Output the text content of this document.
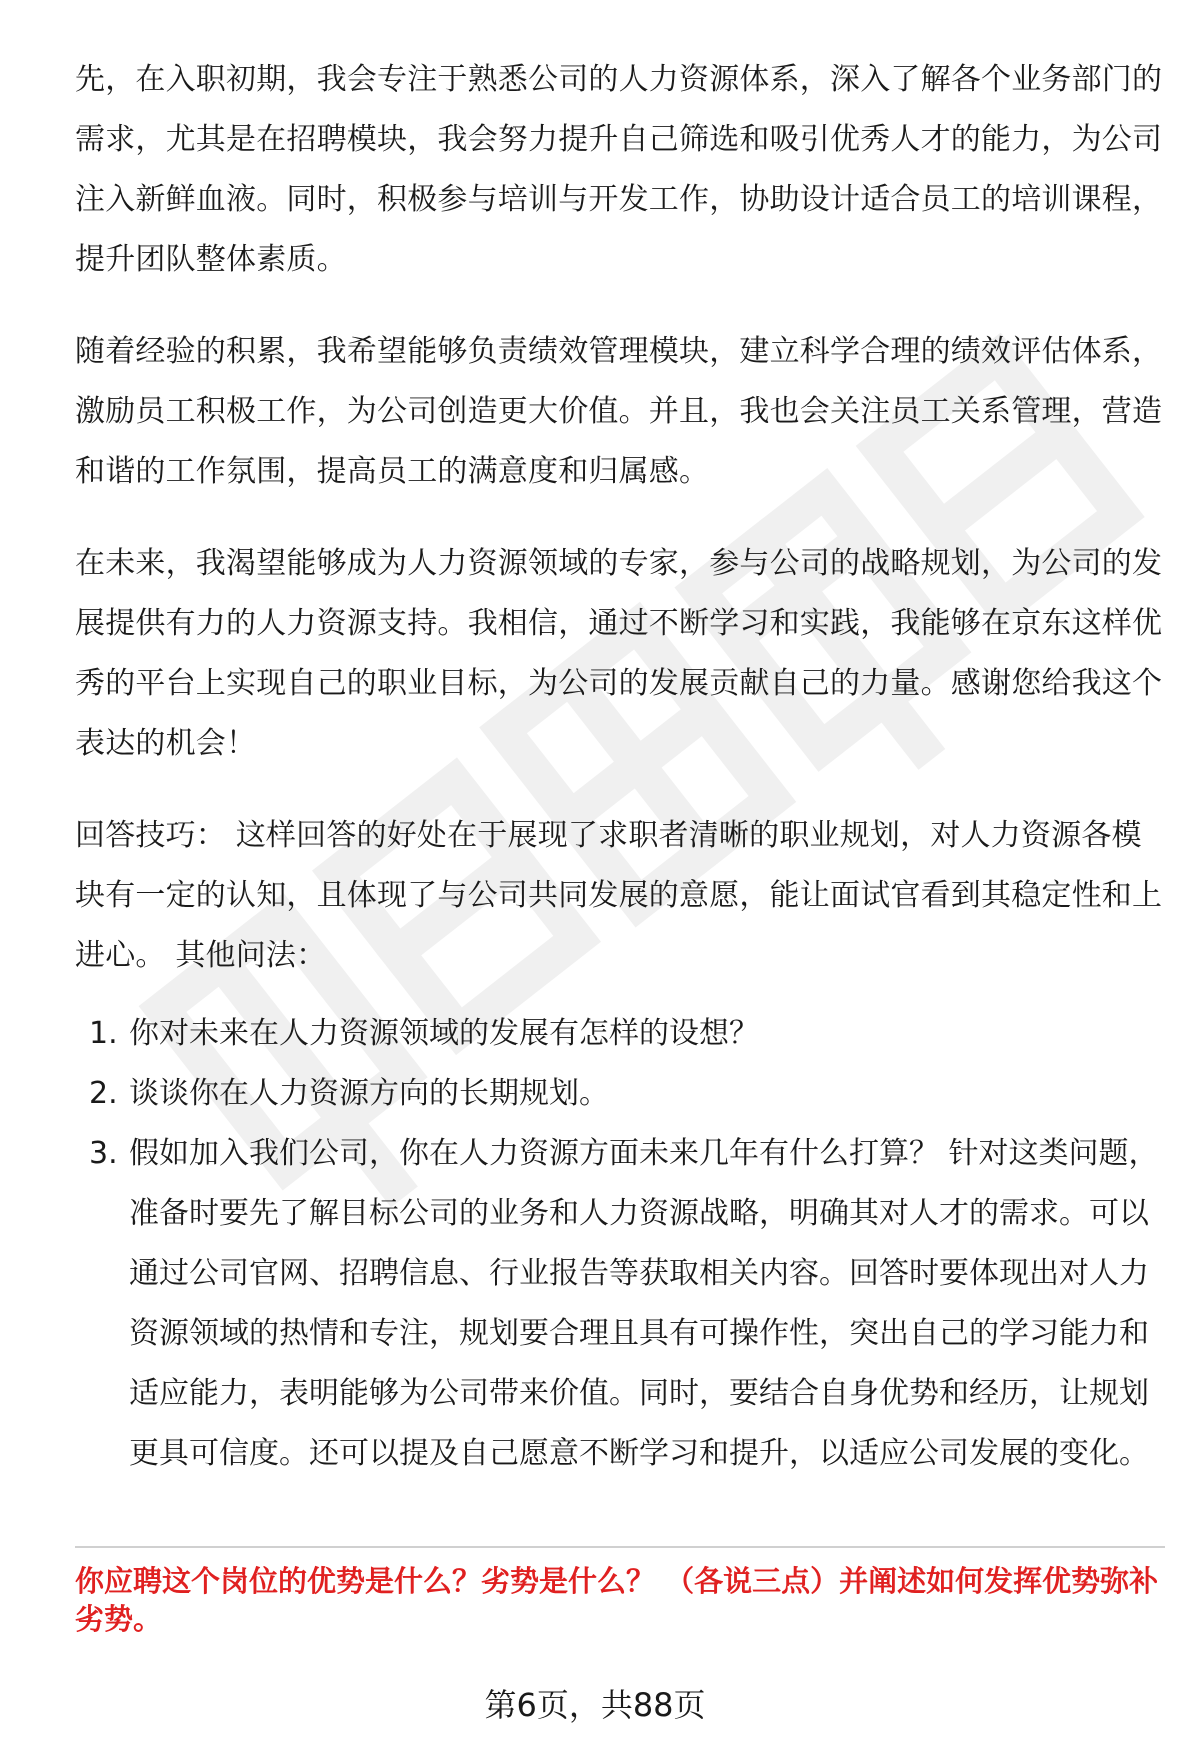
先，在入职初期，我会专注于熟悉公司的人力资源体系，深入了解各个业务部门的需求，尤其是在招聘模块，我会努力提升自己筛选和吸引优秀人才的能力，为公司注入新鲜血液。同时，积极参与培训与开发工作，协助设计适合员工的培训课程，提升团队整体素质。

随着经验的积累，我希望能够负责绩效管理模块，建立科学合理的绩效评估体系，激励员工积极工作，为公司创造更大价值。并且，我也会关注员工关系管理，营造和谐的工作氛围，提高员工的满意度和归属感。

在未来，我渴望能够成为人力资源领域的专家，参与公司的战略规划，为公司的发展提供有力的人力资源支持。我相信，通过不断学习和实践，我能够在京东这样优秀的平台上实现自己的职业目标，为公司的发展贡献自己的力量。感谢您给我这个表达的机会！

回答技巧： 这样回答的好处在于展现了求职者清晰的职业规划，对人力资源各模块有一定的认知，且体现了与公司共同发展的意愿，能让面试官看到其稳定性和上进心。 其他问法：

1. 你对未来在人力资源领域的发展有怎样的设想？
2. 谈谈你在人力资源方向的长期规划。
3. 假如加入我们公司，你在人力资源方面未来几年有什么打算？ 针对这类问题，准备时要先了解目标公司的业务和人力资源战略，明确其对人才的需求。可以通过公司官网、招聘信息、行业报告等获取相关内容。回答时要体现出对人力资源领域的热情和专注，规划要合理且具有可操作性，突出自己的学习能力和适应能力，表明能够为公司带来价值。同时，要结合自身优势和经历，让规划更具可信度。还可以提及自己愿意不断学习和提升，以适应公司发展的变化。
你应聘这个岗位的优势是什么？劣势是什么？ （各说三点）并阐述如何发挥优势弥补劣势。
第6页，共88页
